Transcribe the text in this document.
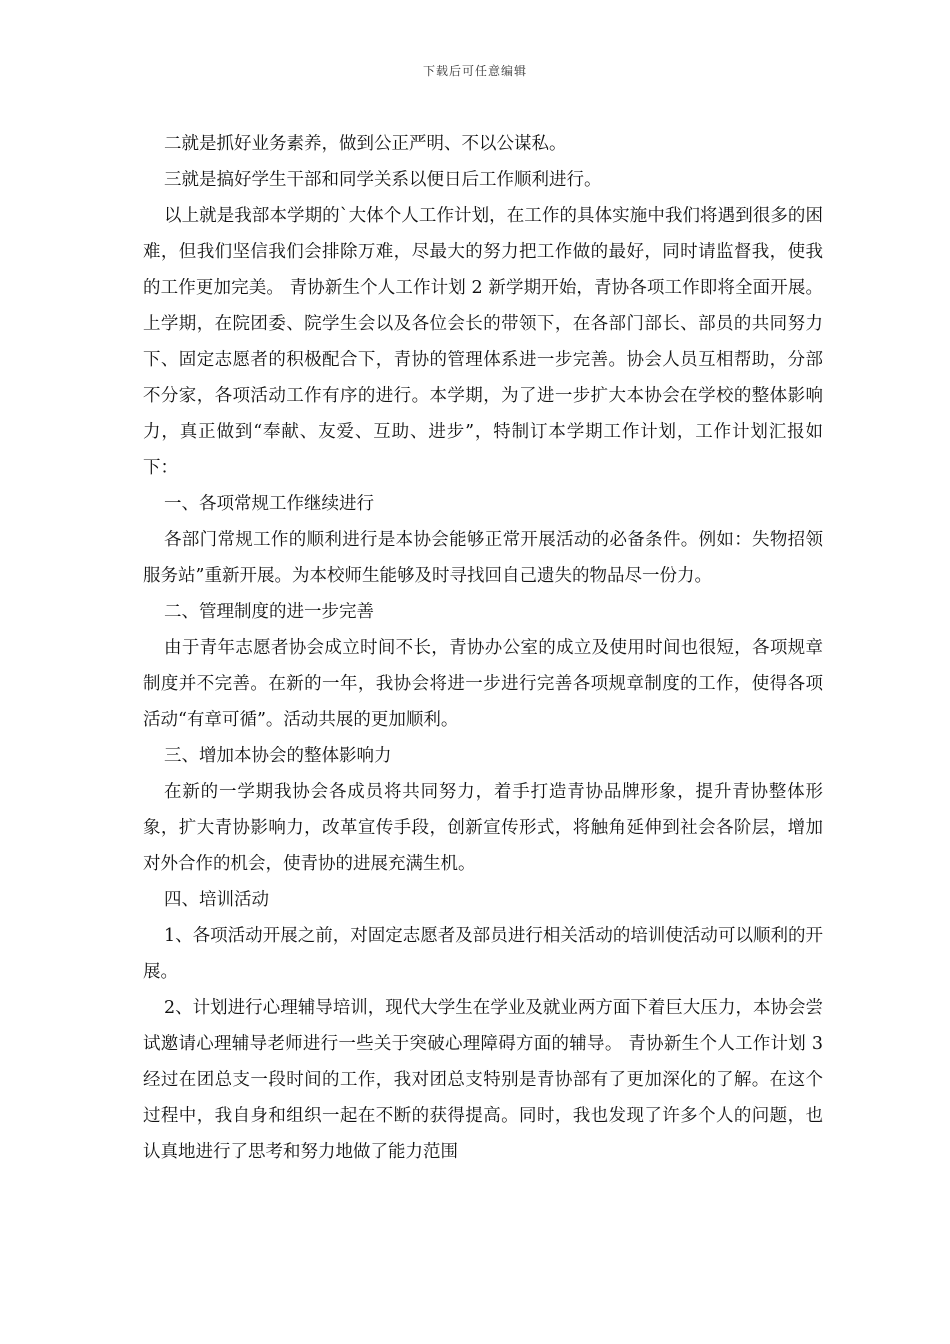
下载后可任意编辑

二就是抓好业务素养，做到公正严明、不以公谋私。

三就是搞好学生干部和同学关系以便日后工作顺利进行。

以上就是我部本学期的`大体个人工作计划，在工作的具体实施中我们将遇到很多的困难，但我们坚信我们会排除万难，尽最大的努力把工作做的最好，同时请监督我，使我的工作更加完美。 青协新生个人工作计划 2 新学期开始，青协各项工作即将全面开展。上学期，在院团委、院学生会以及各位会长的带领下，在各部门部长、部员的共同努力下、固定志愿者的积极配合下，青协的管理体系进一步完善。协会人员互相帮助，分部不分家，各项活动工作有序的进行。本学期，为了进一步扩大本协会在学校的整体影响力，真正做到“奉献、友爱、互助、进步”，特制订本学期工作计划，工作计划汇报如下：

一、各项常规工作继续进行

各部门常规工作的顺利进行是本协会能够正常开展活动的必备条件。例如：失物招领服务站”重新开展。为本校师生能够及时寻找回自己遗失的物品尽一份力。

二、管理制度的进一步完善

由于青年志愿者协会成立时间不长，青协办公室的成立及使用时间也很短，各项规章制度并不完善。在新的一年，我协会将进一步进行完善各项规章制度的工作，使得各项活动“有章可循”。活动共展的更加顺利。

三、增加本协会的整体影响力

在新的一学期我协会各成员将共同努力，着手打造青协品牌形象，提升青协整体形象，扩大青协影响力，改革宣传手段，创新宣传形式，将触角延伸到社会各阶层，增加对外合作的机会，使青协的进展充满生机。

四、培训活动

1、各项活动开展之前，对固定志愿者及部员进行相关活动的培训使活动可以顺利的开展。

2、计划进行心理辅导培训，现代大学生在学业及就业两方面下着巨大压力，本协会尝试邀请心理辅导老师进行一些关于突破心理障碍方面的辅导。 青协新生个人工作计划 3 经过在团总支一段时间的工作，我对团总支特别是青协部有了更加深化的了解。在这个过程中，我自身和组织一起在不断的获得提高。同时，我也发现了许多个人的问题，也认真地进行了思考和努力地做了能力范围
